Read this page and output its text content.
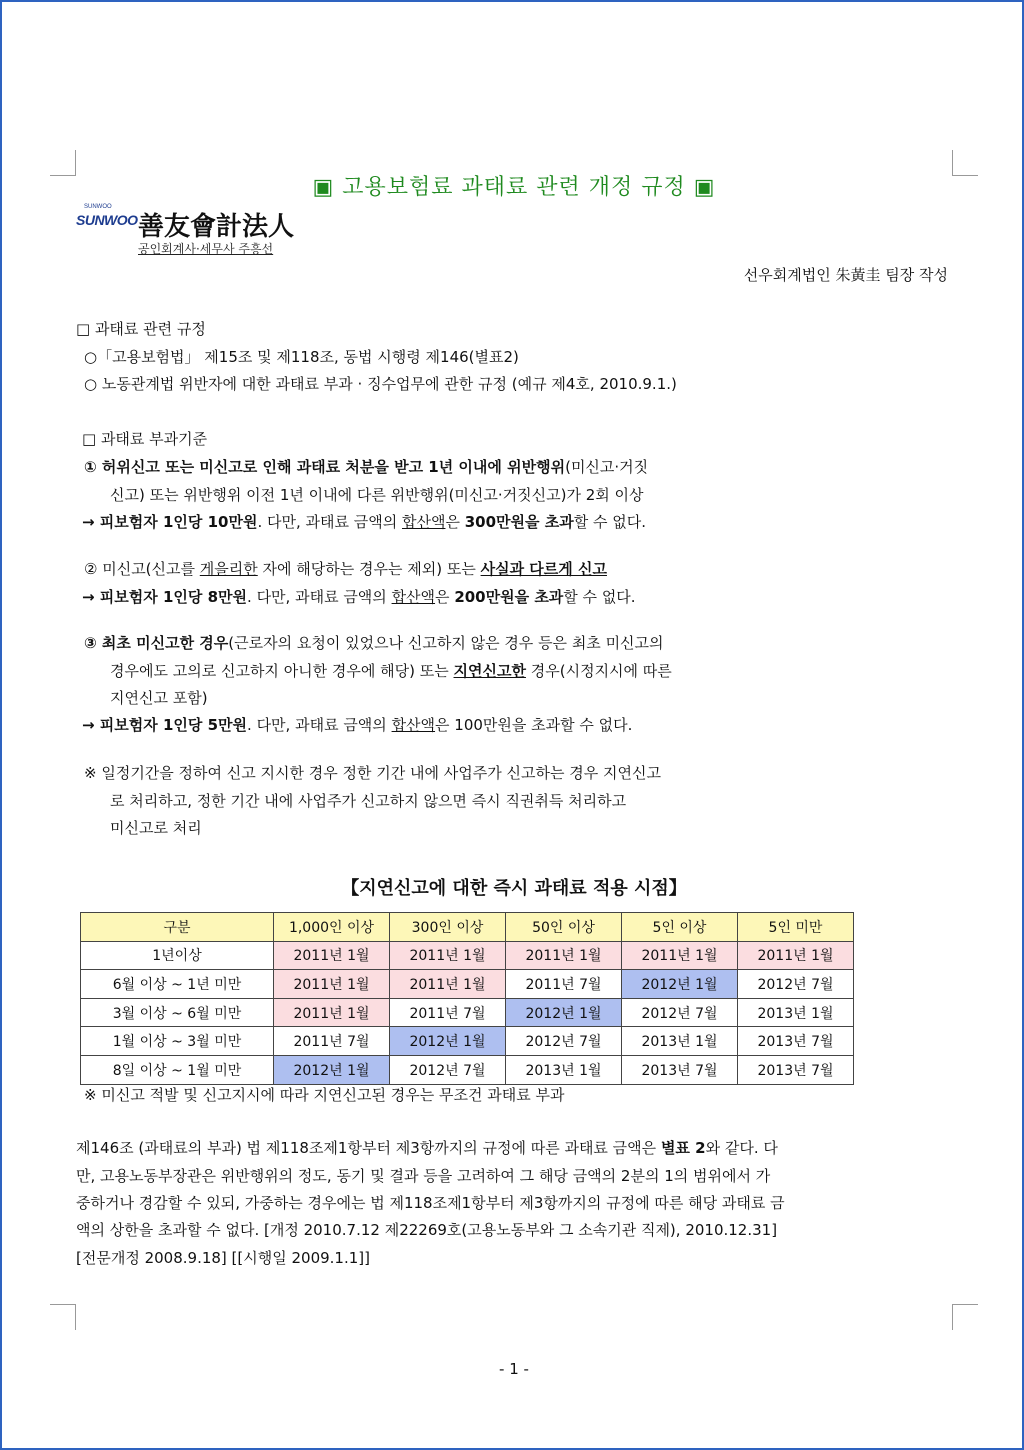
▣ 고용보험료 과태료 관련 개정 규정 ▣
SUNWOO
SUNWOO 善友會計法人
공인회계사·세무사 주흥선
선우회계법인 朱黃圭 팀장 작성
□ 과태료 관련 규정
○「고용보험법」 제15조 및 제118조, 동법 시행령 제146(별표2)
○ 노동관계법 위반자에 대한 과태료 부과 · 징수업무에 관한 규정 (예규 제4호, 2010.9.1.)
□ 과태료 부과기준
① 허위신고 또는 미신고로 인해 과태료 처분을 받고 1년 이내에 위반행위(미신고·거짓
신고) 또는 위반행위 이전 1년 이내에 다른 위반행위(미신고·거짓신고)가 2회 이상
→ 피보험자 1인당 10만원. 다만, 과태료 금액의 합산액은 300만원을 초과할 수 없다.
② 미신고(신고를 게을리한 자에 해당하는 경우는 제외) 또는 사실과 다르게 신고
→ 피보험자 1인당 8만원. 다만, 과태료 금액의 합산액은 200만원을 초과할 수 없다.
③ 최초 미신고한 경우(근로자의 요청이 있었으나 신고하지 않은 경우 등은 최초 미신고의
경우에도 고의로 신고하지 아니한 경우에 해당) 또는 지연신고한 경우(시정지시에 따른
지연신고 포함)
→ 피보험자 1인당 5만원. 다만, 과태료 금액의 합산액은 100만원을 초과할 수 없다.
※ 일정기간을 정하여 신고 지시한 경우 정한 기간 내에 사업주가 신고하는 경우 지연신고
로 처리하고, 정한 기간 내에 사업주가 신고하지 않으면 즉시 직권취득 처리하고
미신고로 처리
【지연신고에 대한 즉시 과태료 적용 시점】
구분	1,000인 이상	300인 이상	50인 이상	5인 이상	5인 미만
1년이상	2011년 1월	2011년 1월	2011년 1월	2011년 1월	2011년 1월
6월 이상 ~ 1년 미만	2011년 1월	2011년 1월	2011년 7월	2012년 1월	2012년 7월
3월 이상 ~ 6월 미만	2011년 1월	2011년 7월	2012년 1월	2012년 7월	2013년 1월
1월 이상 ~ 3월 미만	2011년 7월	2012년 1월	2012년 7월	2013년 1월	2013년 7월
8일 이상 ~ 1월 미만	2012년 1월	2012년 7월	2013년 1월	2013년 7월	2013년 7월
※ 미신고 적발 및 신고지시에 따라 지연신고된 경우는 무조건 과태료 부과
제146조 (과태료의 부과) 법 제118조제1항부터 제3항까지의 규정에 따른 과태료 금액은 별표 2와 같다. 다
만, 고용노동부장관은 위반행위의 정도, 동기 및 결과 등을 고려하여 그 해당 금액의 2분의 1의 범위에서 가
중하거나 경감할 수 있되, 가중하는 경우에는 법 제118조제1항부터 제3항까지의 규정에 따른 해당 과태료 금
액의 상한을 초과할 수 없다. [개정 2010.7.12 제22269호(고용노동부와 그 소속기관 직제), 2010.12.31]
[전문개정 2008.9.18] [[시행일 2009.1.1]]
- 1 -
